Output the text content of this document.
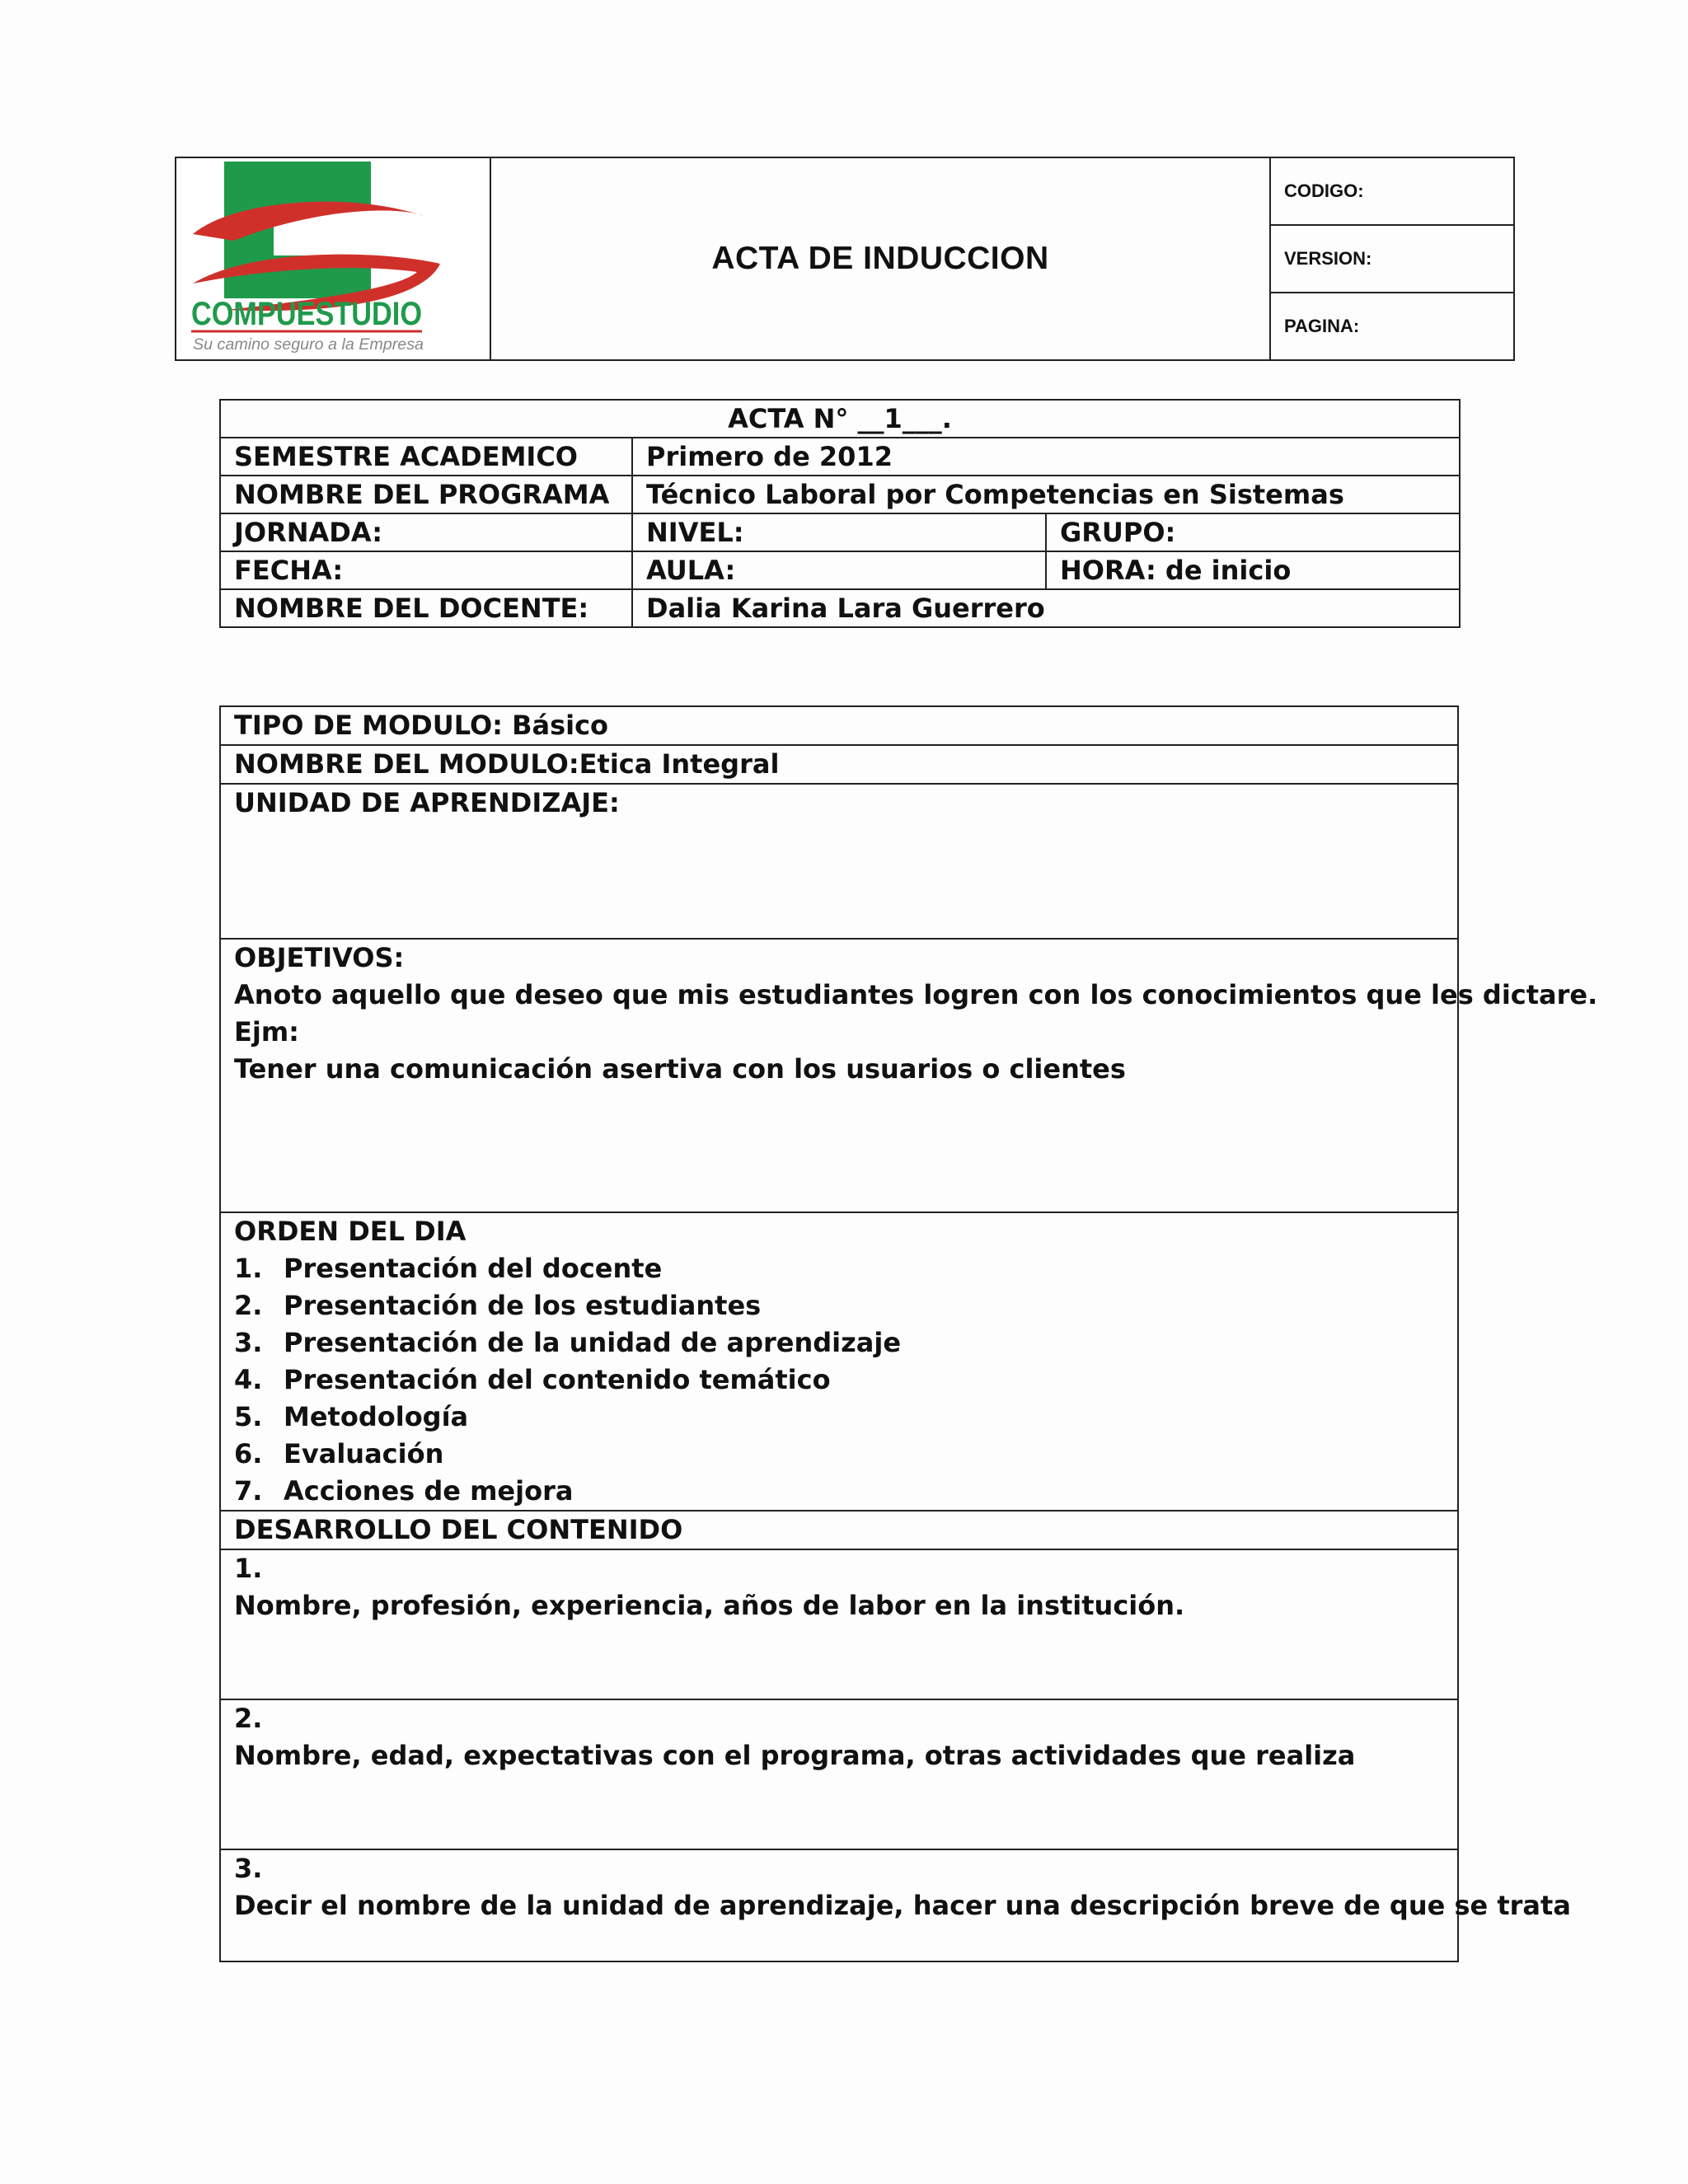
COMPUESTUDIO
Su camino seguro a la Empresa
ACTA DE INDUCCION
CODIGO:
VERSION:
PAGINA:
ACTA N° __1___.		
SEMESTRE ACADEMICO	Primero de 2012	
NOMBRE DEL PROGRAMA	Técnico Laboral por Competencias en Sistemas	
JORNADA:	NIVEL:	GRUPO:
FECHA:	AULA:	HORA: de inicio
NOMBRE DEL DOCENTE:	Dalia Karina Lara Guerrero	
TIPO DE MODULO: Básico
NOMBRE DEL MODULO:Etica Integral
UNIDAD DE APRENDIZAJE:

OBJETIVOS:
Anoto aquello que deseo que mis estudiantes logren con los conocimientos que les dictare.
Ejm:
Tener una comunicación asertiva con los usuarios o clientes

ORDEN DEL DIA
1. Presentación del docente
2. Presentación de los estudiantes
3. Presentación de la unidad de aprendizaje
4. Presentación del contenido temático
5. Metodología
6. Evaluación
7. Acciones de mejora

DESARROLLO DEL CONTENIDO

1.
Nombre, profesión, experiencia, años de labor en la institución.

2.
Nombre, edad, expectativas con el programa, otras actividades que realiza

3.
Decir el nombre de la unidad de aprendizaje, hacer una descripción breve de que se trata
